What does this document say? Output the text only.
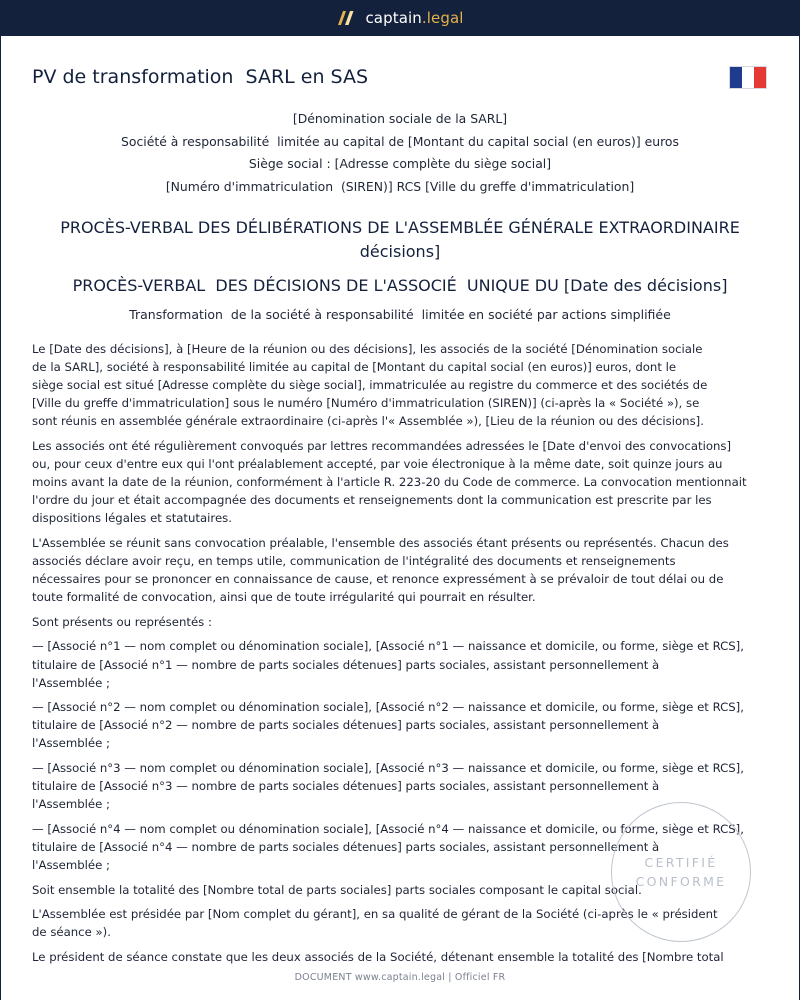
captain.legal
PV de transformation  SARL en SAS
[Dénomination sociale de la SARL]
Société à responsabilité  limitée au capital de [Montant du capital social (en euros)] euros
Siège social : [Adresse complète du siège social]
[Numéro d'immatriculation  (SIREN)] RCS [Ville du greffe d'immatriculation]
PROCÈS-VERBAL DES DÉLIBÉRATIONS DE L'ASSEMBLÉE GÉNÉRALE EXTRAORDINAIRE
décisions]
PROCÈS-VERBAL  DES DÉCISIONS DE L'ASSOCIÉ  UNIQUE DU [Date des décisions]
Transformation  de la société à responsabilité  limitée en société par actions simplifiée

Le [Date des décisions], à [Heure de la réunion ou des décisions], les associés de la société [Dénomination sociale
de la SARL], société à responsabilité limitée au capital de [Montant du capital social (en euros)] euros, dont le
siège social est situé [Adresse complète du siège social], immatriculée au registre du commerce et des sociétés de
[Ville du greffe d'immatriculation] sous le numéro [Numéro d'immatriculation (SIREN)] (ci-après la « Société »), se
sont réunis en assemblée générale extraordinaire (ci-après l'« Assemblée »), [Lieu de la réunion ou des décisions].

Les associés ont été régulièrement convoqués par lettres recommandées adressées le [Date d'envoi des convocations]
ou, pour ceux d'entre eux qui l'ont préalablement accepté, par voie électronique à la même date, soit quinze jours au
moins avant la date de la réunion, conformément à l'article R. 223-20 du Code de commerce. La convocation mentionnait
l'ordre du jour et était accompagnée des documents et renseignements dont la communication est prescrite par les
dispositions légales et statutaires.

L'Assemblée se réunit sans convocation préalable, l'ensemble des associés étant présents ou représentés. Chacun des
associés déclare avoir reçu, en temps utile, communication de l'intégralité des documents et renseignements
nécessaires pour se prononcer en connaissance de cause, et renonce expressément à se prévaloir de tout délai ou de
toute formalité de convocation, ainsi que de toute irrégularité qui pourrait en résulter.

Sont présents ou représentés :

— [Associé n°1 — nom complet ou dénomination sociale], [Associé n°1 — naissance et domicile, ou forme, siège et RCS],
titulaire de [Associé n°1 — nombre de parts sociales détenues] parts sociales, assistant personnellement à
l'Assemblée ;

— [Associé n°2 — nom complet ou dénomination sociale], [Associé n°2 — naissance et domicile, ou forme, siège et RCS],
titulaire de [Associé n°2 — nombre de parts sociales détenues] parts sociales, assistant personnellement à
l'Assemblée ;

— [Associé n°3 — nom complet ou dénomination sociale], [Associé n°3 — naissance et domicile, ou forme, siège et RCS],
titulaire de [Associé n°3 — nombre de parts sociales détenues] parts sociales, assistant personnellement à
l'Assemblée ;

— [Associé n°4 — nom complet ou dénomination sociale], [Associé n°4 — naissance et domicile, ou forme, siège et RCS],
titulaire de [Associé n°4 — nombre de parts sociales détenues] parts sociales, assistant personnellement à
l'Assemblée ;

Soit ensemble la totalité des [Nombre total de parts sociales] parts sociales composant le capital social.

L'Assemblée est présidée par [Nom complet du gérant], en sa qualité de gérant de la Société (ci-après le « président
de séance »).

Le président de séance constate que les deux associés de la Société, détenant ensemble la totalité des [Nombre total

CERTIFIÉ
CONFORME
DOCUMENT www.captain.legal | Officiel FR
